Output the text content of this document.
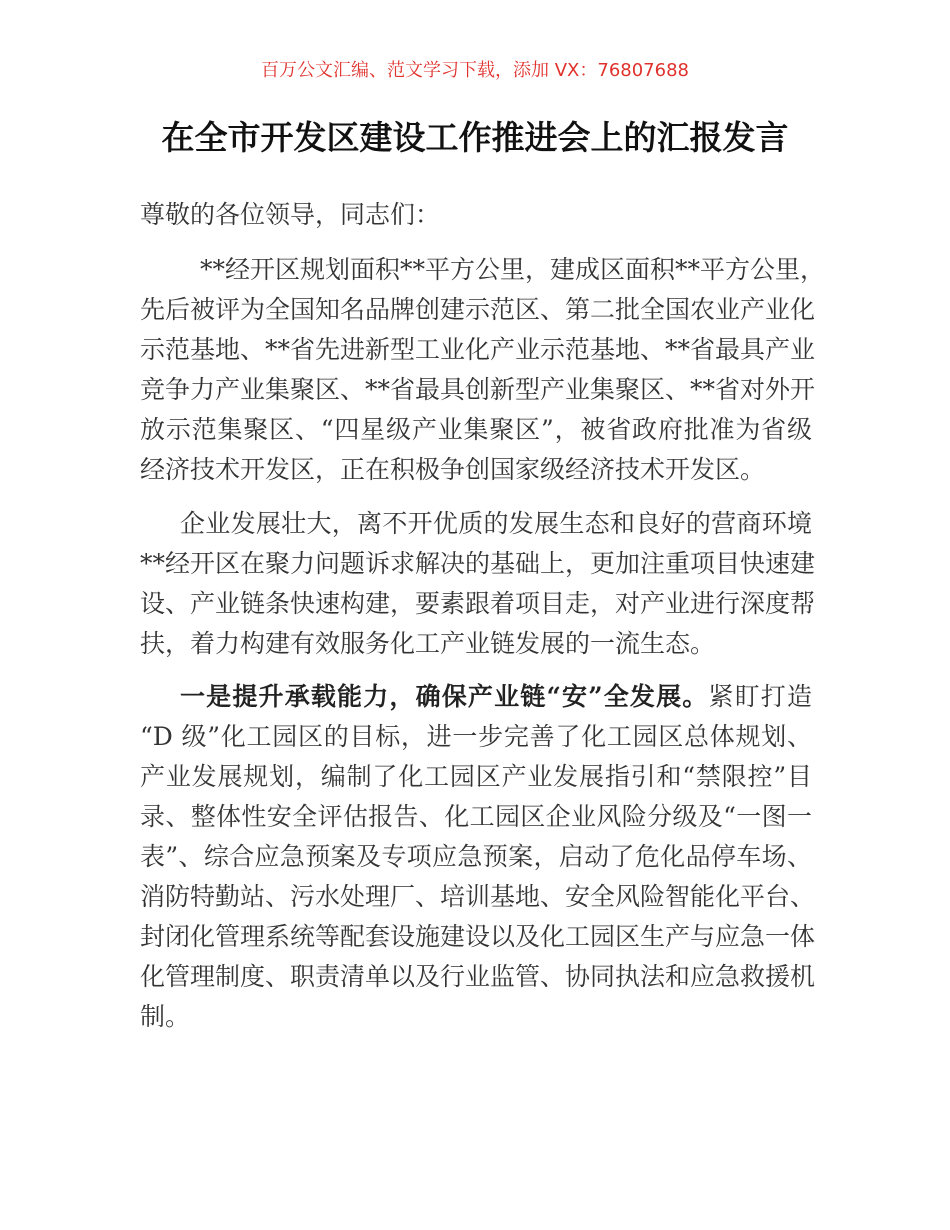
百万公文汇编、范文学习下载，添加 VX：76807688
在全市开发区建设工作推进会上的汇报发言
尊敬的各位领导，同志们：
**经开区规划面积**平方公里，建成区面积**平方公里，
先后被评为全国知名品牌创建示范区、第二批全国农业产业化
示范基地、**省先进新型工业化产业示范基地、**省最具产业
竞争力产业集聚区、**省最具创新型产业集聚区、**省对外开
放示范集聚区、“四星级产业集聚区”，被省政府批准为省级
经济技术开发区，正在积极争创国家级经济技术开发区。
企业发展壮大，离不开优质的发展生态和良好的营商环境
**经开区在聚力问题诉求解决的基础上，更加注重项目快速建
设、产业链条快速构建，要素跟着项目走，对产业进行深度帮
扶，着力构建有效服务化工产业链发展的一流生态。
一是提升承载能力，确保产业链“安”全发展。紧盯打造
“D 级”化工园区的目标，进一步完善了化工园区总体规划、
产业发展规划，编制了化工园区产业发展指引和“禁限控”目
录、整体性安全评估报告、化工园区企业风险分级及“一图一
表”、综合应急预案及专项应急预案，启动了危化品停车场、
消防特勤站、污水处理厂、培训基地、安全风险智能化平台、
封闭化管理系统等配套设施建设以及化工园区生产与应急一体
化管理制度、职责清单以及行业监管、协同执法和应急救援机
制。
